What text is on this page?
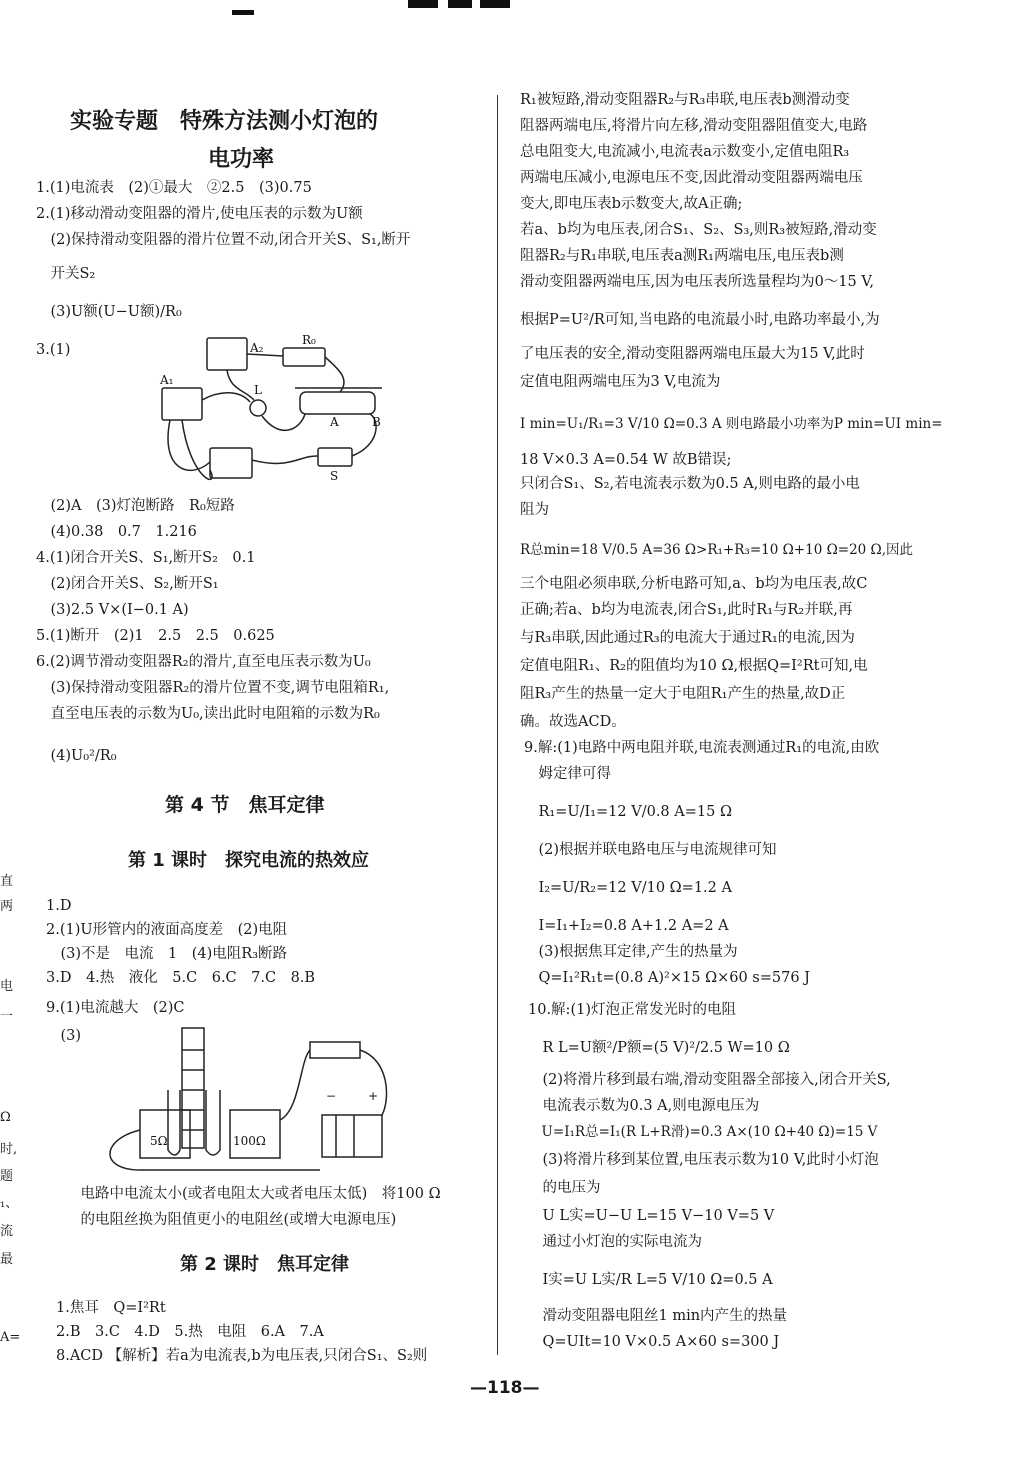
直
两
电
一
Ω
时,
题
₁、
流
最
A=
实验专题　特殊方法测小灯泡的
电功率
1.(1)电流表　(2)①最大　②2.5　(3)0.75
2.(1)移动滑动变阻器的滑片,使电压表的示数为U额
　(2)保持滑动变阻器的滑片位置不动,闭合开关S、S₁,断开
　开关S₂
　(3)U额(U−U额)/R₀
3.(1)
A₁
A₂
R₀
L
A	B
S
　(2)A　(3)灯泡断路　R₀短路
　(4)0.38　0.7　1.216
4.(1)闭合开关S、S₁,断开S₂　0.1
　(2)闭合开关S、S₂,断开S₁
　(3)2.5 V×(I−0.1 A)
5.(1)断开　(2)1　2.5　2.5　0.625
6.(2)调节滑动变阻器R₂的滑片,直至电压表示数为U₀
　(3)保持滑动变阻器R₂的滑片位置不变,调节电阻箱R₁,
　直至电压表的示数为U₀,读出此时电阻箱的示数为R₀
　(4)U₀²/R₀
第 4 节　焦耳定律
第 1 课时　探究电流的热效应
1.D
2.(1)U形管内的液面高度差　(2)电阻
　(3)不是　电流　1　(4)电阻R₃断路
3.D　4.热　液化　5.C　6.C　7.C　8.B
9.(1)电流越大　(2)C
　(3)
5Ω	100Ω
−	+
　电路中电流太小(或者电阻太大或者电压太低)　将100 Ω
　的电阻丝换为阻值更小的电阻丝(或增大电源电压)
第 2 课时　焦耳定律
1.焦耳　Q=I²Rt
2.B　3.C　4.D　5.热　电阻　6.A　7.A
8.ACD 【解析】若a为电流表,b为电压表,只闭合S₁、S₂则
R₁被短路,滑动变阻器R₂与R₃串联,电压表b测滑动变
阻器两端电压,将滑片向左移,滑动变阻器阻值变大,电路
总电阻变大,电流减小,电流表a示数变小,定值电阻R₃
两端电压减小,电源电压不变,因此滑动变阻器两端电压
变大,即电压表b示数变大,故A正确;
若a、b均为电压表,闭合S₁、S₂、S₃,则R₃被短路,滑动变
阻器R₂与R₁串联,电压表a测R₁两端电压,电压表b测
滑动变阻器两端电压,因为电压表所选量程均为0～15 V,
根据P=U²/R可知,当电路的电流最小时,电路功率最小,为
了电压表的安全,滑动变阻器两端电压最大为15 V,此时
定值电阻两端电压为3 V,电流为
I min=U₁/R₁=3 V/10 Ω=0.3 A 则电路最小功率为P min=UI min=
18 V×0.3 A=0.54 W 故B错误;
只闭合S₁、S₂,若电流表示数为0.5 A,则电路的最小电
阻为
R总min=18 V/0.5 A=36 Ω>R₁+R₃=10 Ω+10 Ω=20 Ω,因此
三个电阻必须串联,分析电路可知,a、b均为电压表,故C
正确;若a、b均为电流表,闭合S₁,此时R₁与R₂并联,再
与R₃串联,因此通过R₃的电流大于通过R₁的电流,因为
定值电阻R₁、R₂的阻值均为10 Ω,根据Q=I²Rt可知,电
阻R₃产生的热量一定大于电阻R₁产生的热量,故D正
确。故选ACD。
9.解:(1)电路中两电阻并联,电流表测通过R₁的电流,由欧
　姆定律可得
　R₁=U/I₁=12 V/0.8 A=15 Ω
　(2)根据并联电路电压与电流规律可知
　I₂=U/R₂=12 V/10 Ω=1.2 A
　I=I₁+I₂=0.8 A+1.2 A=2 A
　(3)根据焦耳定律,产生的热量为
　Q=I₁²R₁t=(0.8 A)²×15 Ω×60 s=576 J
10.解:(1)灯泡正常发光时的电阻
　R L=U额²/P额=(5 V)²/2.5 W=10 Ω
　(2)将滑片移到最右端,滑动变阻器全部接入,闭合开关S,
　电流表示数为0.3 A,则电源电压为
　U=I₁R总=I₁(R L+R滑)=0.3 A×(10 Ω+40 Ω)=15 V
　(3)将滑片移到某位置,电压表示数为10 V,此时小灯泡
　的电压为
　U L实=U−U L=15 V−10 V=5 V
　通过小灯泡的实际电流为
　I实=U L实/R L=5 V/10 Ω=0.5 A
　滑动变阻器电阻丝1 min内产生的热量
　Q=UIt=10 V×0.5 A×60 s=300 J
—118—
